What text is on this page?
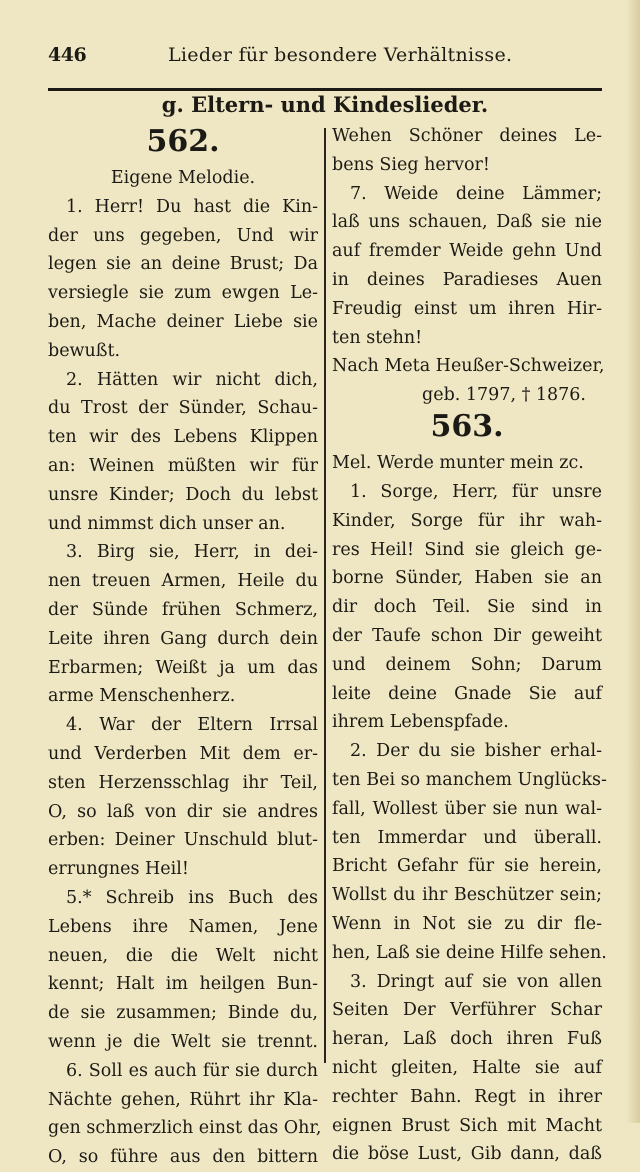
446	Lieder für besondere Verhältnisse.
g. Eltern- und Kindeslieder.
562.
Eigene Melodie.
1. Herr! Du hast die Kin-
der uns gegeben, Und wir
legen sie an deine Brust; Da
versiegle sie zum ewgen Le-
ben, Mache deiner Liebe sie
bewußt.
2. Hätten wir nicht dich,
du Trost der Sünder, Schau-
ten wir des Lebens Klippen
an: Weinen müßten wir für
unsre Kinder; Doch du lebst
und nimmst dich unser an.
3. Birg sie, Herr, in dei-
nen treuen Armen, Heile du
der Sünde frühen Schmerz,
Leite ihren Gang durch dein
Erbarmen; Weißt ja um das
arme Menschenherz.
4. War der Eltern Irrsal
und Verderben Mit dem er-
sten Herzensschlag ihr Teil,
O, so laß von dir sie andres
erben: Deiner Unschuld blut-
errungnes Heil!
5.* Schreib ins Buch des
Lebens ihre Namen, Jene
neuen, die die Welt nicht
kennt; Halt im heilgen Bun-
de sie zusammen; Binde du,
wenn je die Welt sie trennt.
6. Soll es auch für sie durch
Nächte gehen, Rührt ihr Kla-
gen schmerzlich einst das Ohr,
O, so führe aus den bittern
Wehen Schöner deines Le-
bens Sieg hervor!
7. Weide deine Lämmer;
laß uns schauen, Daß sie nie
auf fremder Weide gehn Und
in deines Paradieses Auen
Freudig einst um ihren Hir-
ten stehn!
Nach Meta Heußer-Schweizer,
geb. 1797, † 1876.
563.
Mel. Werde munter mein zc.
1. Sorge, Herr, für unsre
Kinder, Sorge für ihr wah-
res Heil! Sind sie gleich ge-
borne Sünder, Haben sie an
dir doch Teil. Sie sind in
der Taufe schon Dir geweiht
und deinem Sohn; Darum
leite deine Gnade Sie auf
ihrem Lebenspfade.
2. Der du sie bisher erhal-
ten Bei so manchem Unglücks-
fall, Wollest über sie nun wal-
ten Immerdar und überall.
Bricht Gefahr für sie herein,
Wollst du ihr Beschützer sein;
Wenn in Not sie zu dir fle-
hen, Laß sie deine Hilfe sehen.
3. Dringt auf sie von allen
Seiten Der Verführer Schar
heran, Laß doch ihren Fuß
nicht gleiten, Halte sie auf
rechter Bahn. Regt in ihrer
eignen Brust Sich mit Macht
die böse Lust, Gib dann, daß
